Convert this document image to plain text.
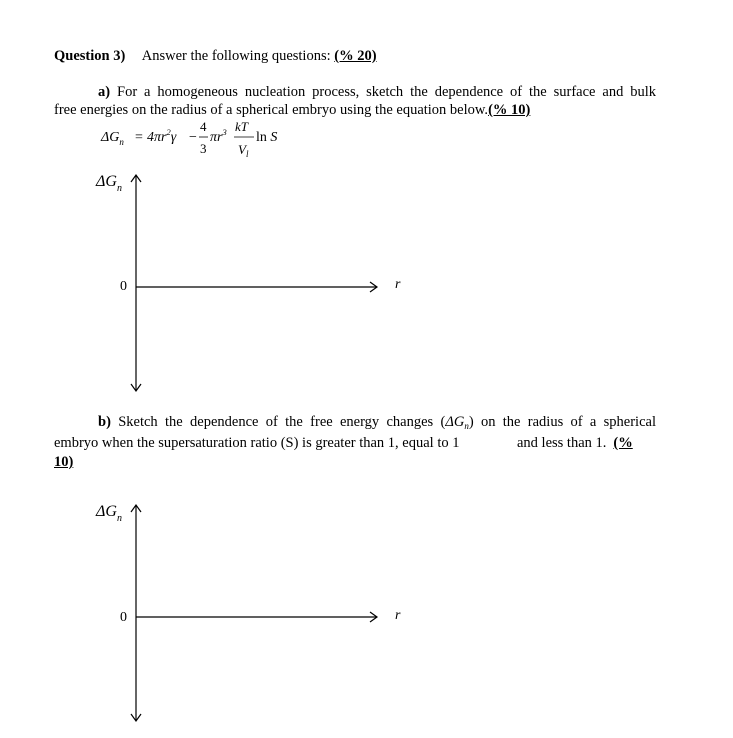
Question 3) Answer the following questions: (% 20)
a) For a homogeneous nucleation process, sketch the dependence of the surface and bulk
free energies on the radius of a spherical embryo using the equation below.(% 10)
$\Delta G_n = 4\pi r^2\gamma$ −
4
3
$\pi r^3$ kT
$V_l$
ln S
b) Sketch the dependence of the free energy changes $(\Delta G_n)$ on the radius of a spherical
embryo when the supersaturation ratio (S) is greater than 1, equal to 1	and less than 1. (%
10)
$\Delta G_n$
0	r
$\Delta G_n$
0	r
